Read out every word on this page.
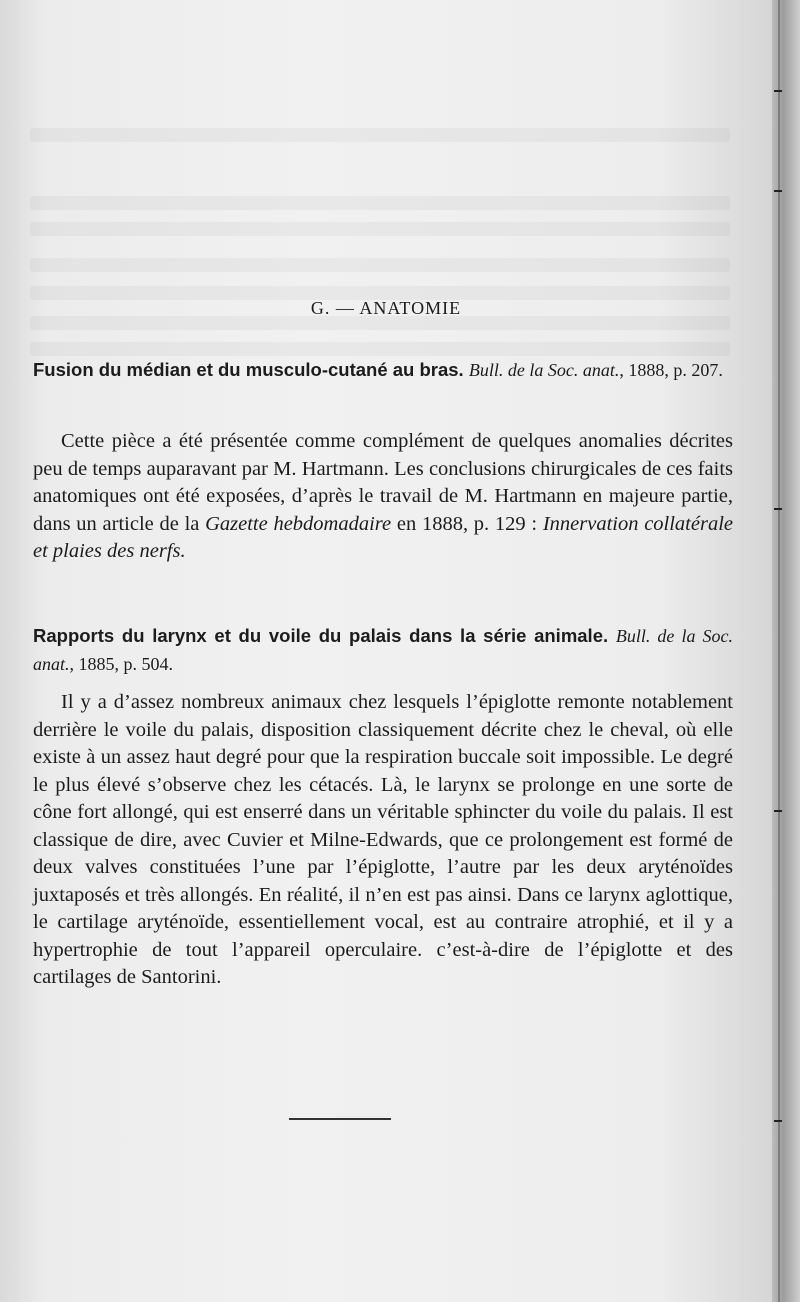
G. — ANATOMIE
Fusion du médian et du musculo-cutané au bras. Bull. de la Soc. anat., 1888, p. 207.

Cette pièce a été présentée comme complément de quelques anomalies décrites peu de temps auparavant par M. Hartmann. Les conclusions chirurgicales de ces faits anatomiques ont été exposées, d’après le travail de M. Hartmann en majeure partie, dans un article de la Gazette hebdomadaire en 1888, p. 129 : Innervation collatérale et plaies des nerfs.

Rapports du larynx et du voile du palais dans la série animale. Bull. de la Soc. anat., 1885, p. 504.

Il y a d’assez nombreux animaux chez lesquels l’épiglotte remonte notablement derrière le voile du palais, disposition classiquement décrite chez le cheval, où elle existe à un assez haut degré pour que la respiration buccale soit impossible. Le degré le plus élevé s’observe chez les cétacés. Là, le larynx se prolonge en une sorte de cône fort allongé, qui est enserré dans un véritable sphincter du voile du palais. Il est classique de dire, avec Cuvier et Milne-Edwards, que ce prolongement est formé de deux valves constituées l’une par l’épiglotte, l’autre par les deux aryténoïdes juxtaposés et très allongés. En réalité, il n’en est pas ainsi. Dans ce larynx aglottique, le cartilage aryténoïde, essentiellement vocal, est au contraire atrophié, et il y a hypertrophie de tout l’appareil operculaire. c’est-à-dire de l’épiglotte et des cartilages de Santorini.
